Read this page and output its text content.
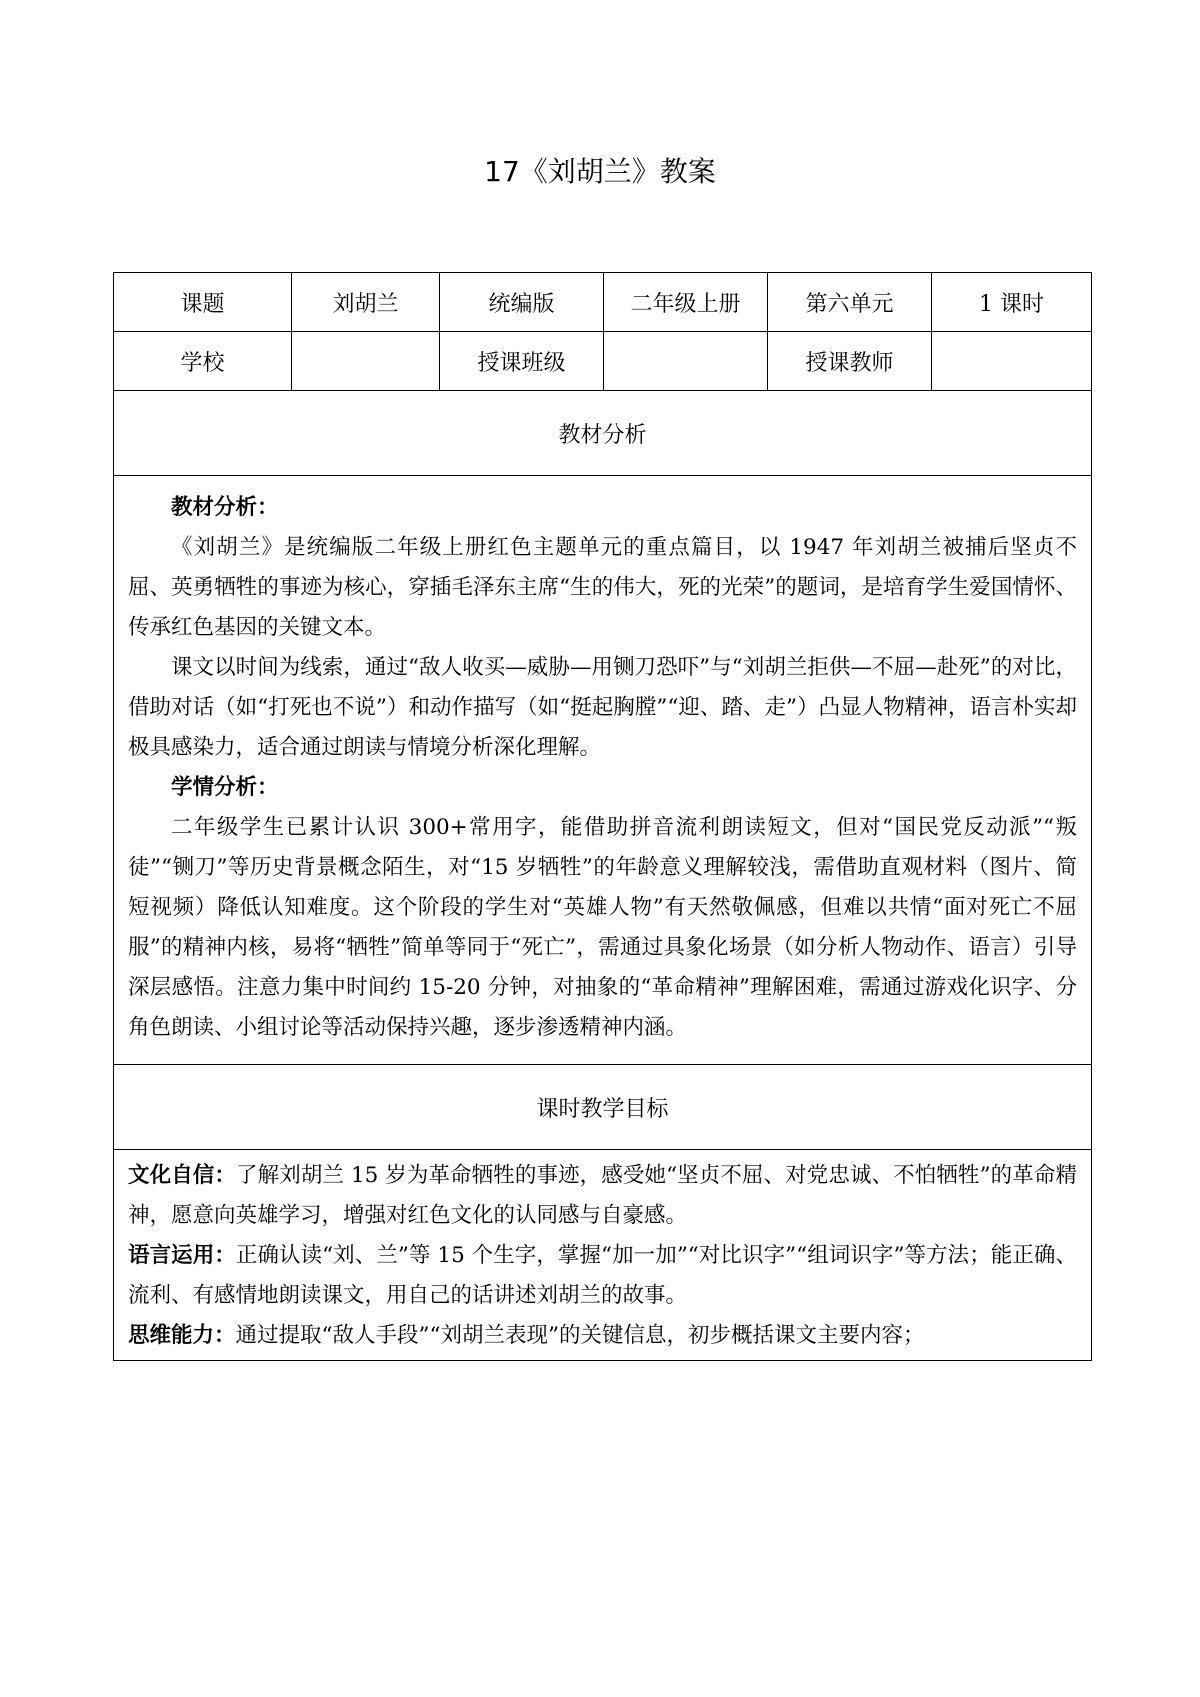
17《刘胡兰》教案
课题	刘胡兰	统编版	二年级上册	第六单元	1 课时
学校		授课班级		授课教师	
教材分析					

教材分析：

《刘胡兰》是统编版二年级上册红色主题单元的重点篇目，以 1947 年刘胡兰被捕后坚贞不屈、英勇牺牲的事迹为核心，穿插毛泽东主席“生的伟大，死的光荣”的题词，是培育学生爱国情怀、传承红色基因的关键文本。

课文以时间为线索，通过“敌人收买—威胁—用铡刀恐吓”与“刘胡兰拒供—不屈—赴死”的对比，借助对话（如“打死也不说”）和动作描写（如“挺起胸膛”“迎、踏、走”）凸显人物精神，语言朴实却极具感染力，适合通过朗读与情境分析深化理解。

学情分析：

二年级学生已累计认识 300+常用字，能借助拼音流利朗读短文，但对“国民党反动派”“叛徒”“铡刀”等历史背景概念陌生，对“15 岁牺牲”的年龄意义理解较浅，需借助直观材料（图片、简短视频）降低认知难度。这个阶段的学生对“英雄人物”有天然敬佩感，但难以共情“面对死亡不屈服”的精神内核，易将“牺牲”简单等同于“死亡”，需通过具象化场景（如分析人物动作、语言）引导深层感悟。注意力集中时间约 15-20 分钟，对抽象的“革命精神”理解困难，需通过游戏化识字、分角色朗读、小组讨论等活动保持兴趣，逐步渗透精神内涵。					

课时教学目标					

文化自信：了解刘胡兰 15 岁为革命牺牲的事迹，感受她“坚贞不屈、对党忠诚、不怕牺牲”的革命精神，愿意向英雄学习，增强对红色文化的认同感与自豪感。

语言运用：正确认读“刘、兰”等 15 个生字，掌握“加一加”“对比识字”“组词识字”等方法；能正确、流利、有感情地朗读课文，用自己的话讲述刘胡兰的故事。

思维能力：通过提取“敌人手段”“刘胡兰表现”的关键信息，初步概括课文主要内容；					
